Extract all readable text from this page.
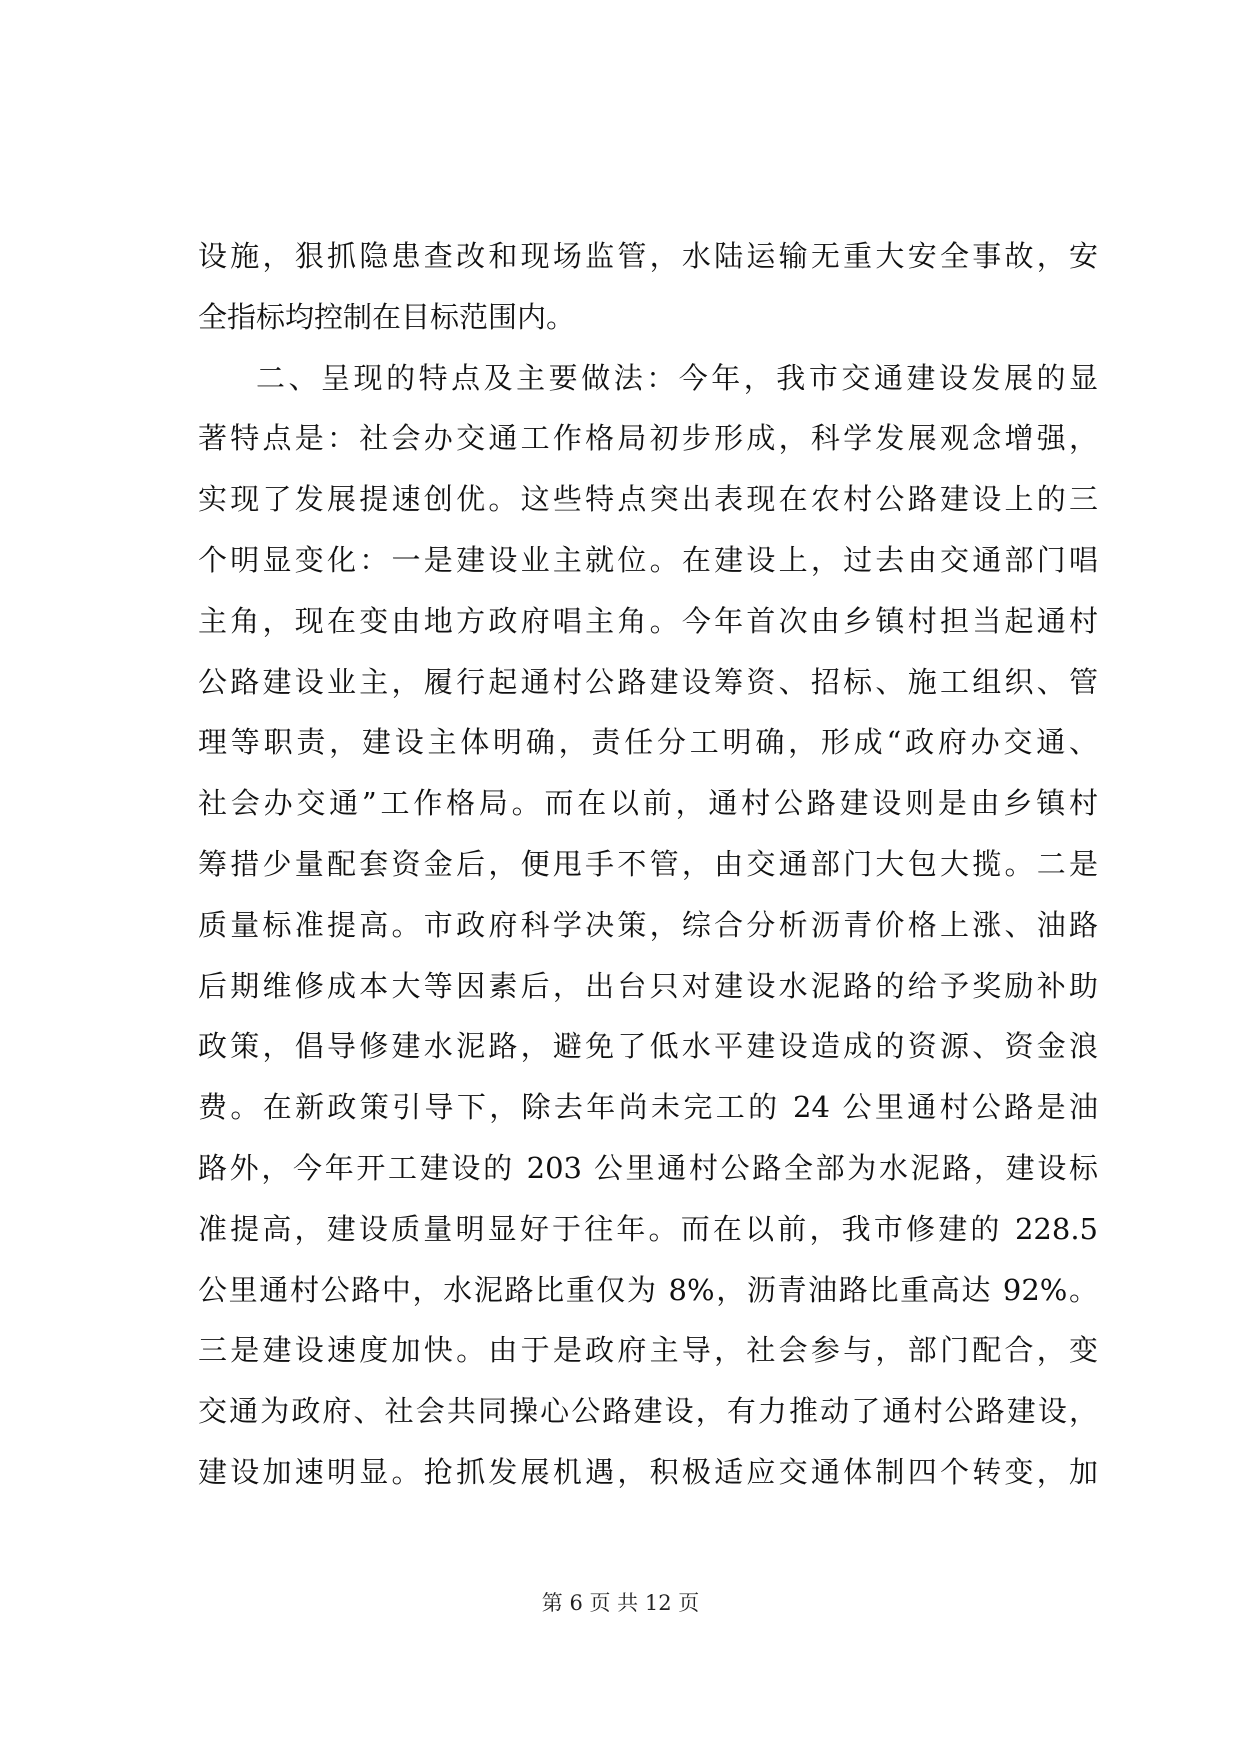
设施，狠抓隐患查改和现场监管，水陆运输无重大安全事故，安
全指标均控制在目标范围内。
二、呈现的特点及主要做法：今年，我市交通建设发展的显
著特点是：社会办交通工作格局初步形成，科学发展观念增强，
实现了发展提速创优。这些特点突出表现在农村公路建设上的三
个明显变化：一是建设业主就位。在建设上，过去由交通部门唱
主角，现在变由地方政府唱主角。今年首次由乡镇村担当起通村
公路建设业主，履行起通村公路建设筹资、招标、施工组织、管
理等职责，建设主体明确，责任分工明确，形成“政府办交通、
社会办交通”工作格局。而在以前，通村公路建设则是由乡镇村
筹措少量配套资金后，便甩手不管，由交通部门大包大揽。二是
质量标准提高。市政府科学决策，综合分析沥青价格上涨、油路
后期维修成本大等因素后，出台只对建设水泥路的给予奖励补助
政策，倡导修建水泥路，避免了低水平建设造成的资源、资金浪
费。在新政策引导下，除去年尚未完工的 24 公里通村公路是油
路外，今年开工建设的 203 公里通村公路全部为水泥路，建设标
准提高，建设质量明显好于往年。而在以前，我市修建的 228.5
公里通村公路中，水泥路比重仅为 8%，沥青油路比重高达 92%。
三是建设速度加快。由于是政府主导，社会参与，部门配合，变
交通为政府、社会共同操心公路建设，有力推动了通村公路建设，
建设加速明显。抢抓发展机遇，积极适应交通体制四个转变，加
第 6 页 共 12 页
